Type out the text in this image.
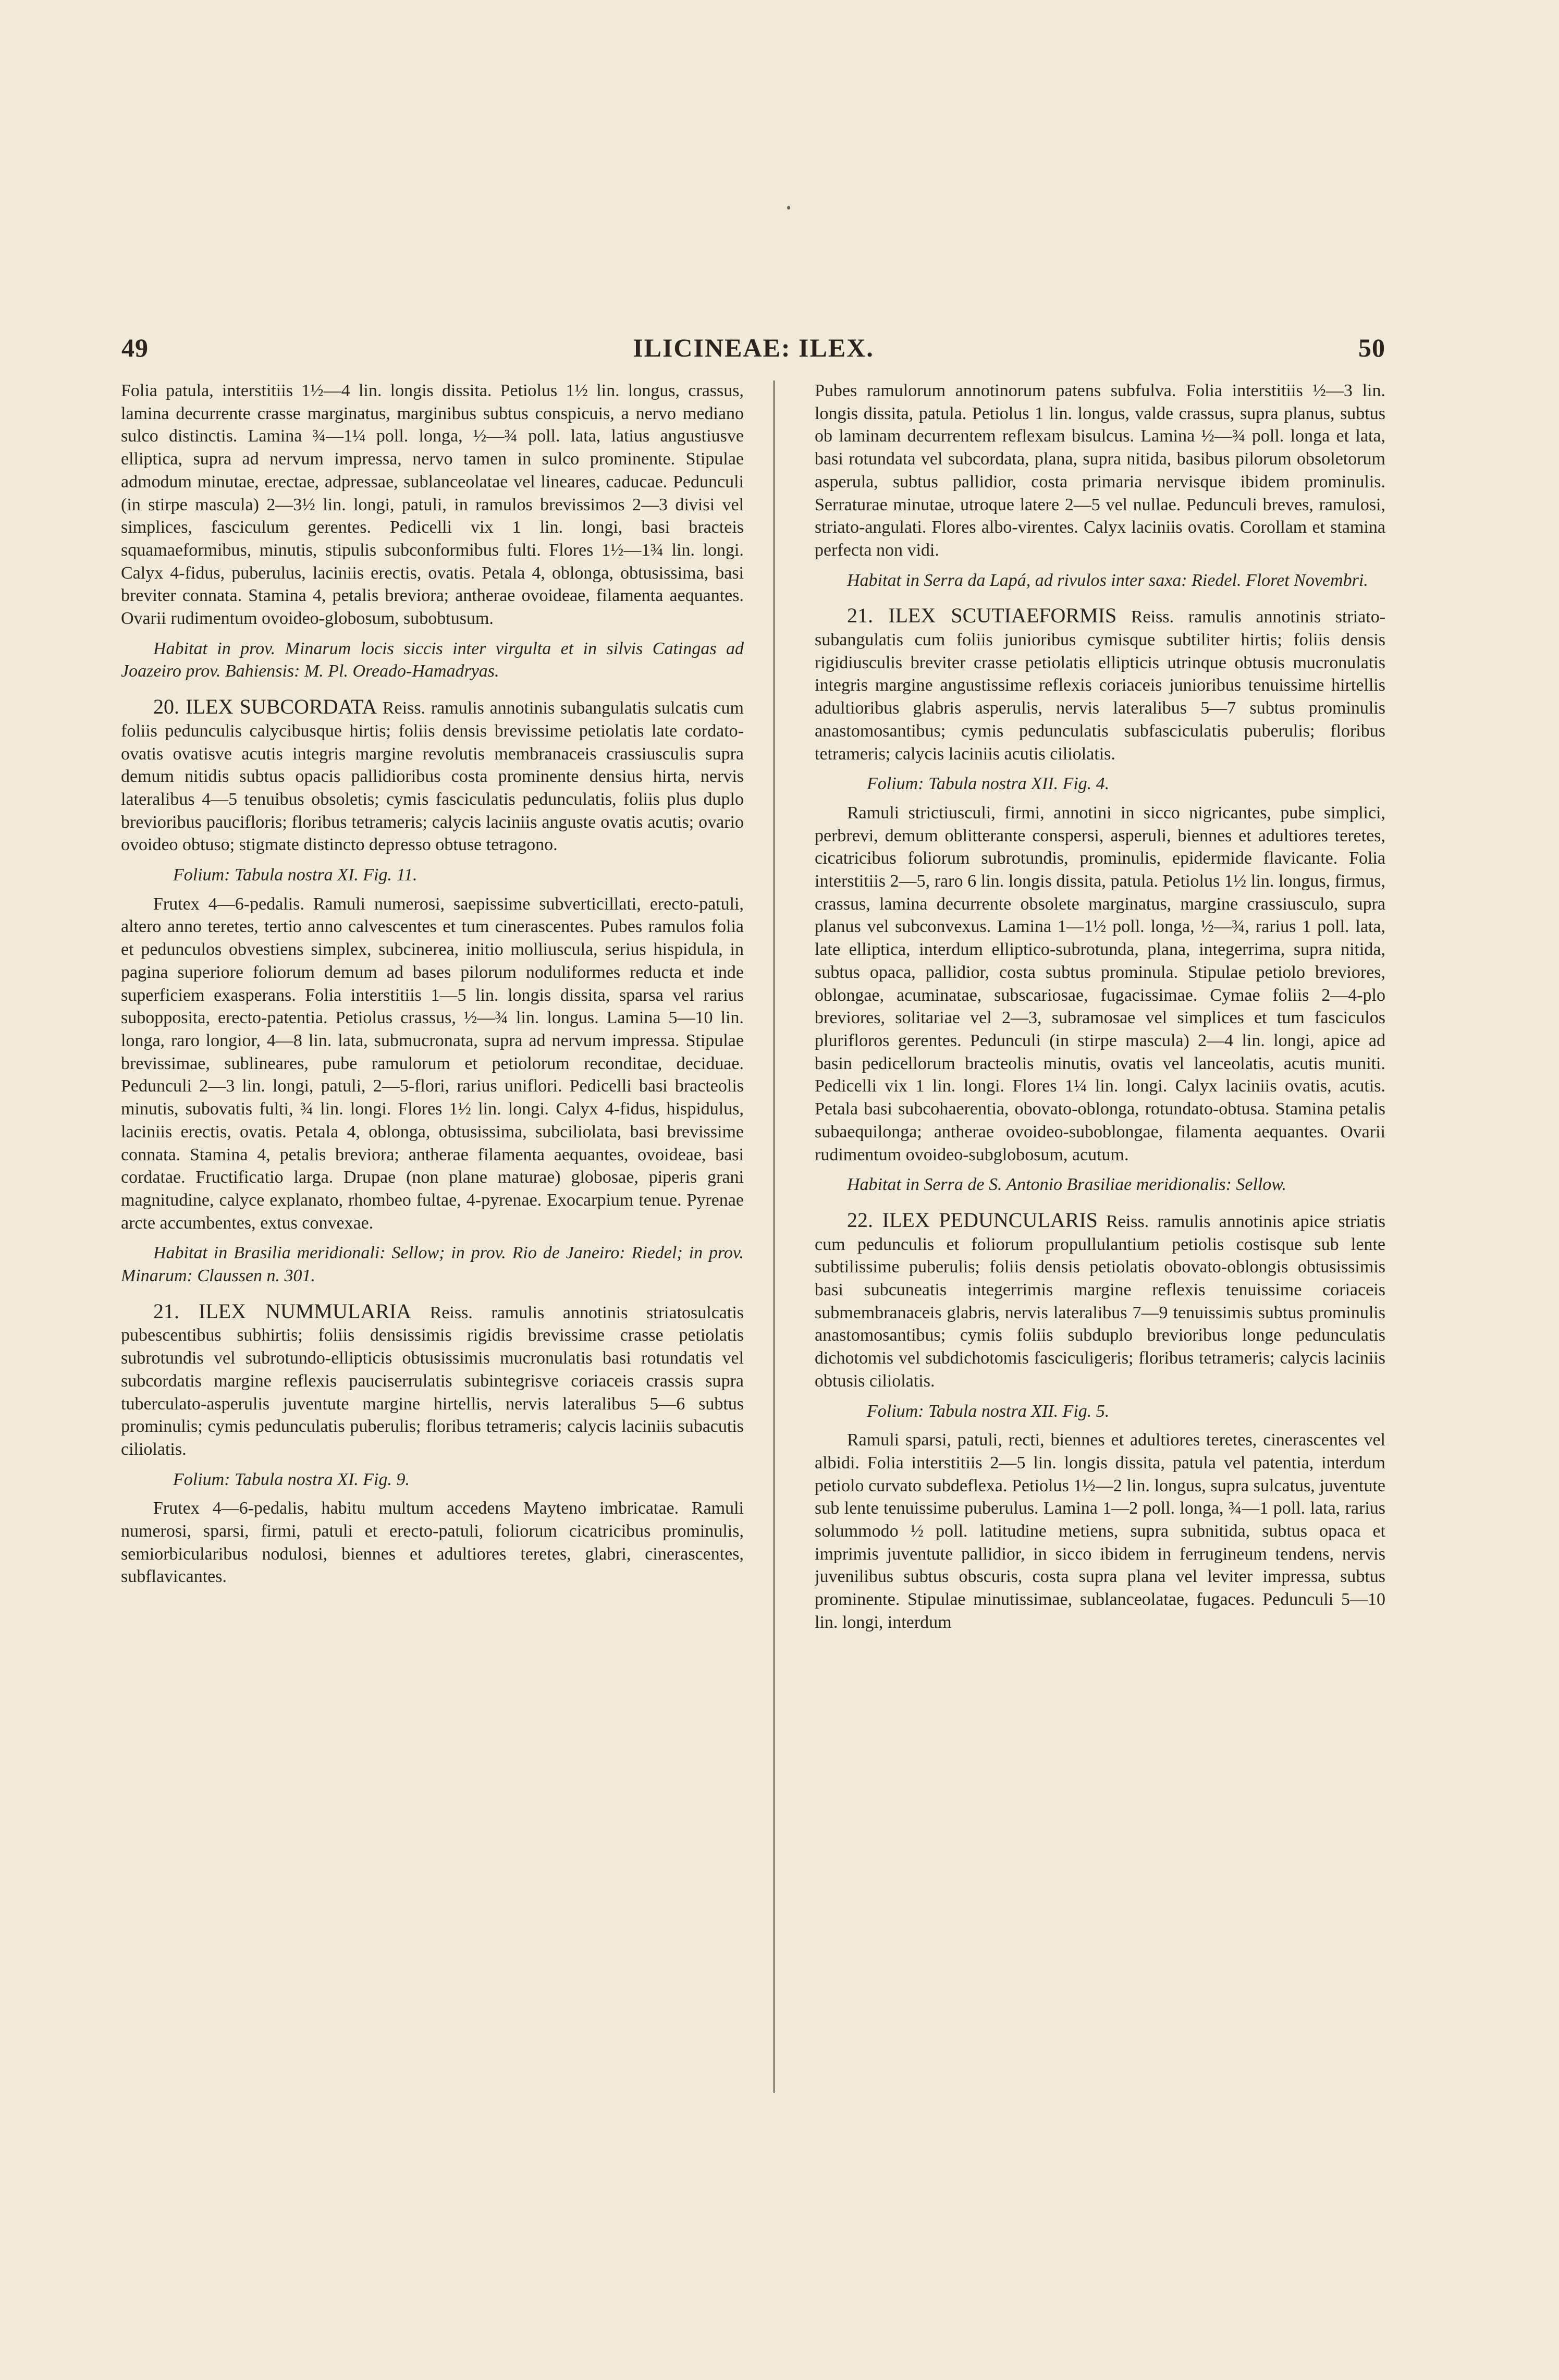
49	ILICINEAE: ILEX.	50

Folia patula, interstitiis 1½—4 lin. longis dissita. Petiolus 1½ lin. longus, crassus, lamina decurrente crasse marginatus, marginibus subtus conspicuis, a nervo mediano sulco distinctis. Lamina ¾—1¼ poll. longa, ½—¾ poll. lata, latius angustiusve elliptica, supra ad nervum impressa, nervo tamen in sulco prominente. Stipulae admodum minutae, erectae, adpressae, sublanceolatae vel lineares, caducae. Pedunculi (in stirpe mascula) 2—3½ lin. longi, patuli, in ramulos brevissimos 2—3 divisi vel simplices, fasciculum gerentes. Pedicelli vix 1 lin. longi, basi bracteis squamaeformibus, minutis, stipulis subconformibus fulti. Flores 1½—1¾ lin. longi. Calyx 4-fidus, puberulus, laciniis erectis, ovatis. Petala 4, oblonga, obtusissima, basi breviter connata. Stamina 4, petalis breviora; antherae ovoideae, filamenta aequantes. Ovarii rudimentum ovoideo-globosum, subobtusum.

Habitat in prov. Minarum locis siccis inter virgulta et in silvis Catingas ad Joazeiro prov. Bahiensis: M. Pl. Oreado-Hamadryas.

20. ILEX SUBCORDATA Reiss. ramulis annotinis subangulatis sulcatis cum foliis pedunculis calycibusque hirtis; foliis densis brevissime petiolatis late cordato-ovatis ovatisve acutis integris margine revolutis membranaceis crassiusculis supra demum nitidis subtus opacis pallidioribus costa prominente densius hirta, nervis lateralibus 4—5 tenuibus obsoletis; cymis fasciculatis pedunculatis, foliis plus duplo brevioribus paucifloris; floribus tetrameris; calycis laciniis anguste ovatis acutis; ovario ovoideo obtuso; stigmate distincto depresso obtuse tetragono.

Folium: Tabula nostra XI. Fig. 11.

Frutex 4—6-pedalis. Ramuli numerosi, saepissime subverticillati, erecto-patuli, altero anno teretes, tertio anno calvescentes et tum cinerascentes. Pubes ramulos folia et pedunculos obvestiens simplex, subcinerea, initio molliuscula, serius hispidula, in pagina superiore foliorum demum ad bases pilorum noduliformes reducta et inde superficiem exasperans. Folia interstitiis 1—5 lin. longis dissita, sparsa vel rarius subopposita, erecto-patentia. Petiolus crassus, ½—¾ lin. longus. Lamina 5—10 lin. longa, raro longior, 4—8 lin. lata, submucronata, supra ad nervum impressa. Stipulae brevissimae, sublineares, pube ramulorum et petiolorum reconditae, deciduae. Pedunculi 2—3 lin. longi, patuli, 2—5-flori, rarius uniflori. Pedicelli basi bracteolis minutis, subovatis fulti, ¾ lin. longi. Flores 1½ lin. longi. Calyx 4-fidus, hispidulus, laciniis erectis, ovatis. Petala 4, oblonga, obtusissima, subciliolata, basi brevissime connata. Stamina 4, petalis breviora; antherae filamenta aequantes, ovoideae, basi cordatae. Fructificatio larga. Drupae (non plane maturae) globosae, piperis grani magnitudine, calyce explanato, rhombeo fultae, 4-pyrenae. Exocarpium tenue. Pyrenae arcte accumbentes, extus convexae.

Habitat in Brasilia meridionali: Sellow; in prov. Rio de Janeiro: Riedel; in prov. Minarum: Claussen n. 301.

21. ILEX NUMMULARIA Reiss. ramulis annotinis striatosulcatis pubescentibus subhirtis; foliis densissimis rigidis brevissime crasse petiolatis subrotundis vel subrotundo-ellipticis obtusissimis mucronulatis basi rotundatis vel subcordatis margine reflexis pauciserrulatis subintegrisve coriaceis crassis supra tuberculato-asperulis juventute margine hirtellis, nervis lateralibus 5—6 subtus prominulis; cymis pedunculatis puberulis; floribus tetrameris; calycis laciniis subacutis ciliolatis.

Folium: Tabula nostra XI. Fig. 9.

Frutex 4—6-pedalis, habitu multum accedens Mayteno imbricatae. Ramuli numerosi, sparsi, firmi, patuli et erecto-patuli, foliorum cicatricibus prominulis, semiorbicularibus nodulosi, biennes et adultiores teretes, glabri, cinerascentes, subflavicantes.

Pubes ramulorum annotinorum patens subfulva. Folia interstitiis ½—3 lin. longis dissita, patula. Petiolus 1 lin. longus, valde crassus, supra planus, subtus ob laminam decurrentem reflexam bisulcus. Lamina ½—¾ poll. longa et lata, basi rotundata vel subcordata, plana, supra nitida, basibus pilorum obsoletorum asperula, subtus pallidior, costa primaria nervisque ibidem prominulis. Serraturae minutae, utroque latere 2—5 vel nullae. Pedunculi breves, ramulosi, striato-angulati. Flores albo-virentes. Calyx laciniis ovatis. Corollam et stamina perfecta non vidi.

Habitat in Serra da Lapá, ad rivulos inter saxa: Riedel. Floret Novembri.

21. ILEX SCUTIAEFORMIS Reiss. ramulis annotinis striato-subangulatis cum foliis junioribus cymisque subtiliter hirtis; foliis densis rigidiusculis breviter crasse petiolatis ellipticis utrinque obtusis mucronulatis integris margine angustissime reflexis coriaceis junioribus tenuissime hirtellis adultioribus glabris asperulis, nervis lateralibus 5—7 subtus prominulis anastomosantibus; cymis pedunculatis subfasciculatis puberulis; floribus tetrameris; calycis laciniis acutis ciliolatis.

Folium: Tabula nostra XII. Fig. 4.

Ramuli strictiusculi, firmi, annotini in sicco nigricantes, pube simplici, perbrevi, demum oblitterante conspersi, asperuli, biennes et adultiores teretes, cicatricibus foliorum subrotundis, prominulis, epidermide flavicante. Folia interstitiis 2—5, raro 6 lin. longis dissita, patula. Petiolus 1½ lin. longus, firmus, crassus, lamina decurrente obsolete marginatus, margine crassiusculo, supra planus vel subconvexus. Lamina 1—1½ poll. longa, ½—¾, rarius 1 poll. lata, late elliptica, interdum elliptico-subrotunda, plana, integerrima, supra nitida, subtus opaca, pallidior, costa subtus prominula. Stipulae petiolo breviores, oblongae, acuminatae, subscariosae, fugacissimae. Cymae foliis 2—4-plo breviores, solitariae vel 2—3, subramosae vel simplices et tum fasciculos plurifloros gerentes. Pedunculi (in stirpe mascula) 2—4 lin. longi, apice ad basin pedicellorum bracteolis minutis, ovatis vel lanceolatis, acutis muniti. Pedicelli vix 1 lin. longi. Flores 1¼ lin. longi. Calyx laciniis ovatis, acutis. Petala basi subcohaerentia, obovato-oblonga, rotundato-obtusa. Stamina petalis subaequilonga; antherae ovoideo-suboblongae, filamenta aequantes. Ovarii rudimentum ovoideo-subglobosum, acutum.

Habitat in Serra de S. Antonio Brasiliae meridionalis: Sellow.

22. ILEX PEDUNCULARIS Reiss. ramulis annotinis apice striatis cum pedunculis et foliorum propullulantium petiolis costisque sub lente subtilissime puberulis; foliis densis petiolatis obovato-oblongis obtusissimis basi subcuneatis integerrimis margine reflexis tenuissime coriaceis submembranaceis glabris, nervis lateralibus 7—9 tenuissimis subtus prominulis anastomosantibus; cymis foliis subduplo brevioribus longe pedunculatis dichotomis vel subdichotomis fasciculigeris; floribus tetrameris; calycis laciniis obtusis ciliolatis.

Folium: Tabula nostra XII. Fig. 5.

Ramuli sparsi, patuli, recti, biennes et adultiores teretes, cinerascentes vel albidi. Folia interstitiis 2—5 lin. longis dissita, patula vel patentia, interdum petiolo curvato subdeflexa. Petiolus 1½—2 lin. longus, supra sulcatus, juventute sub lente tenuissime puberulus. Lamina 1—2 poll. longa, ¾—1 poll. lata, rarius solummodo ½ poll. latitudine metiens, supra subnitida, subtus opaca et imprimis juventute pallidior, in sicco ibidem in ferrugineum tendens, nervis juvenilibus subtus obscuris, costa supra plana vel leviter impressa, subtus prominente. Stipulae minutissimae, sublanceolatae, fugaces. Pedunculi 5—10 lin. longi, interdum
